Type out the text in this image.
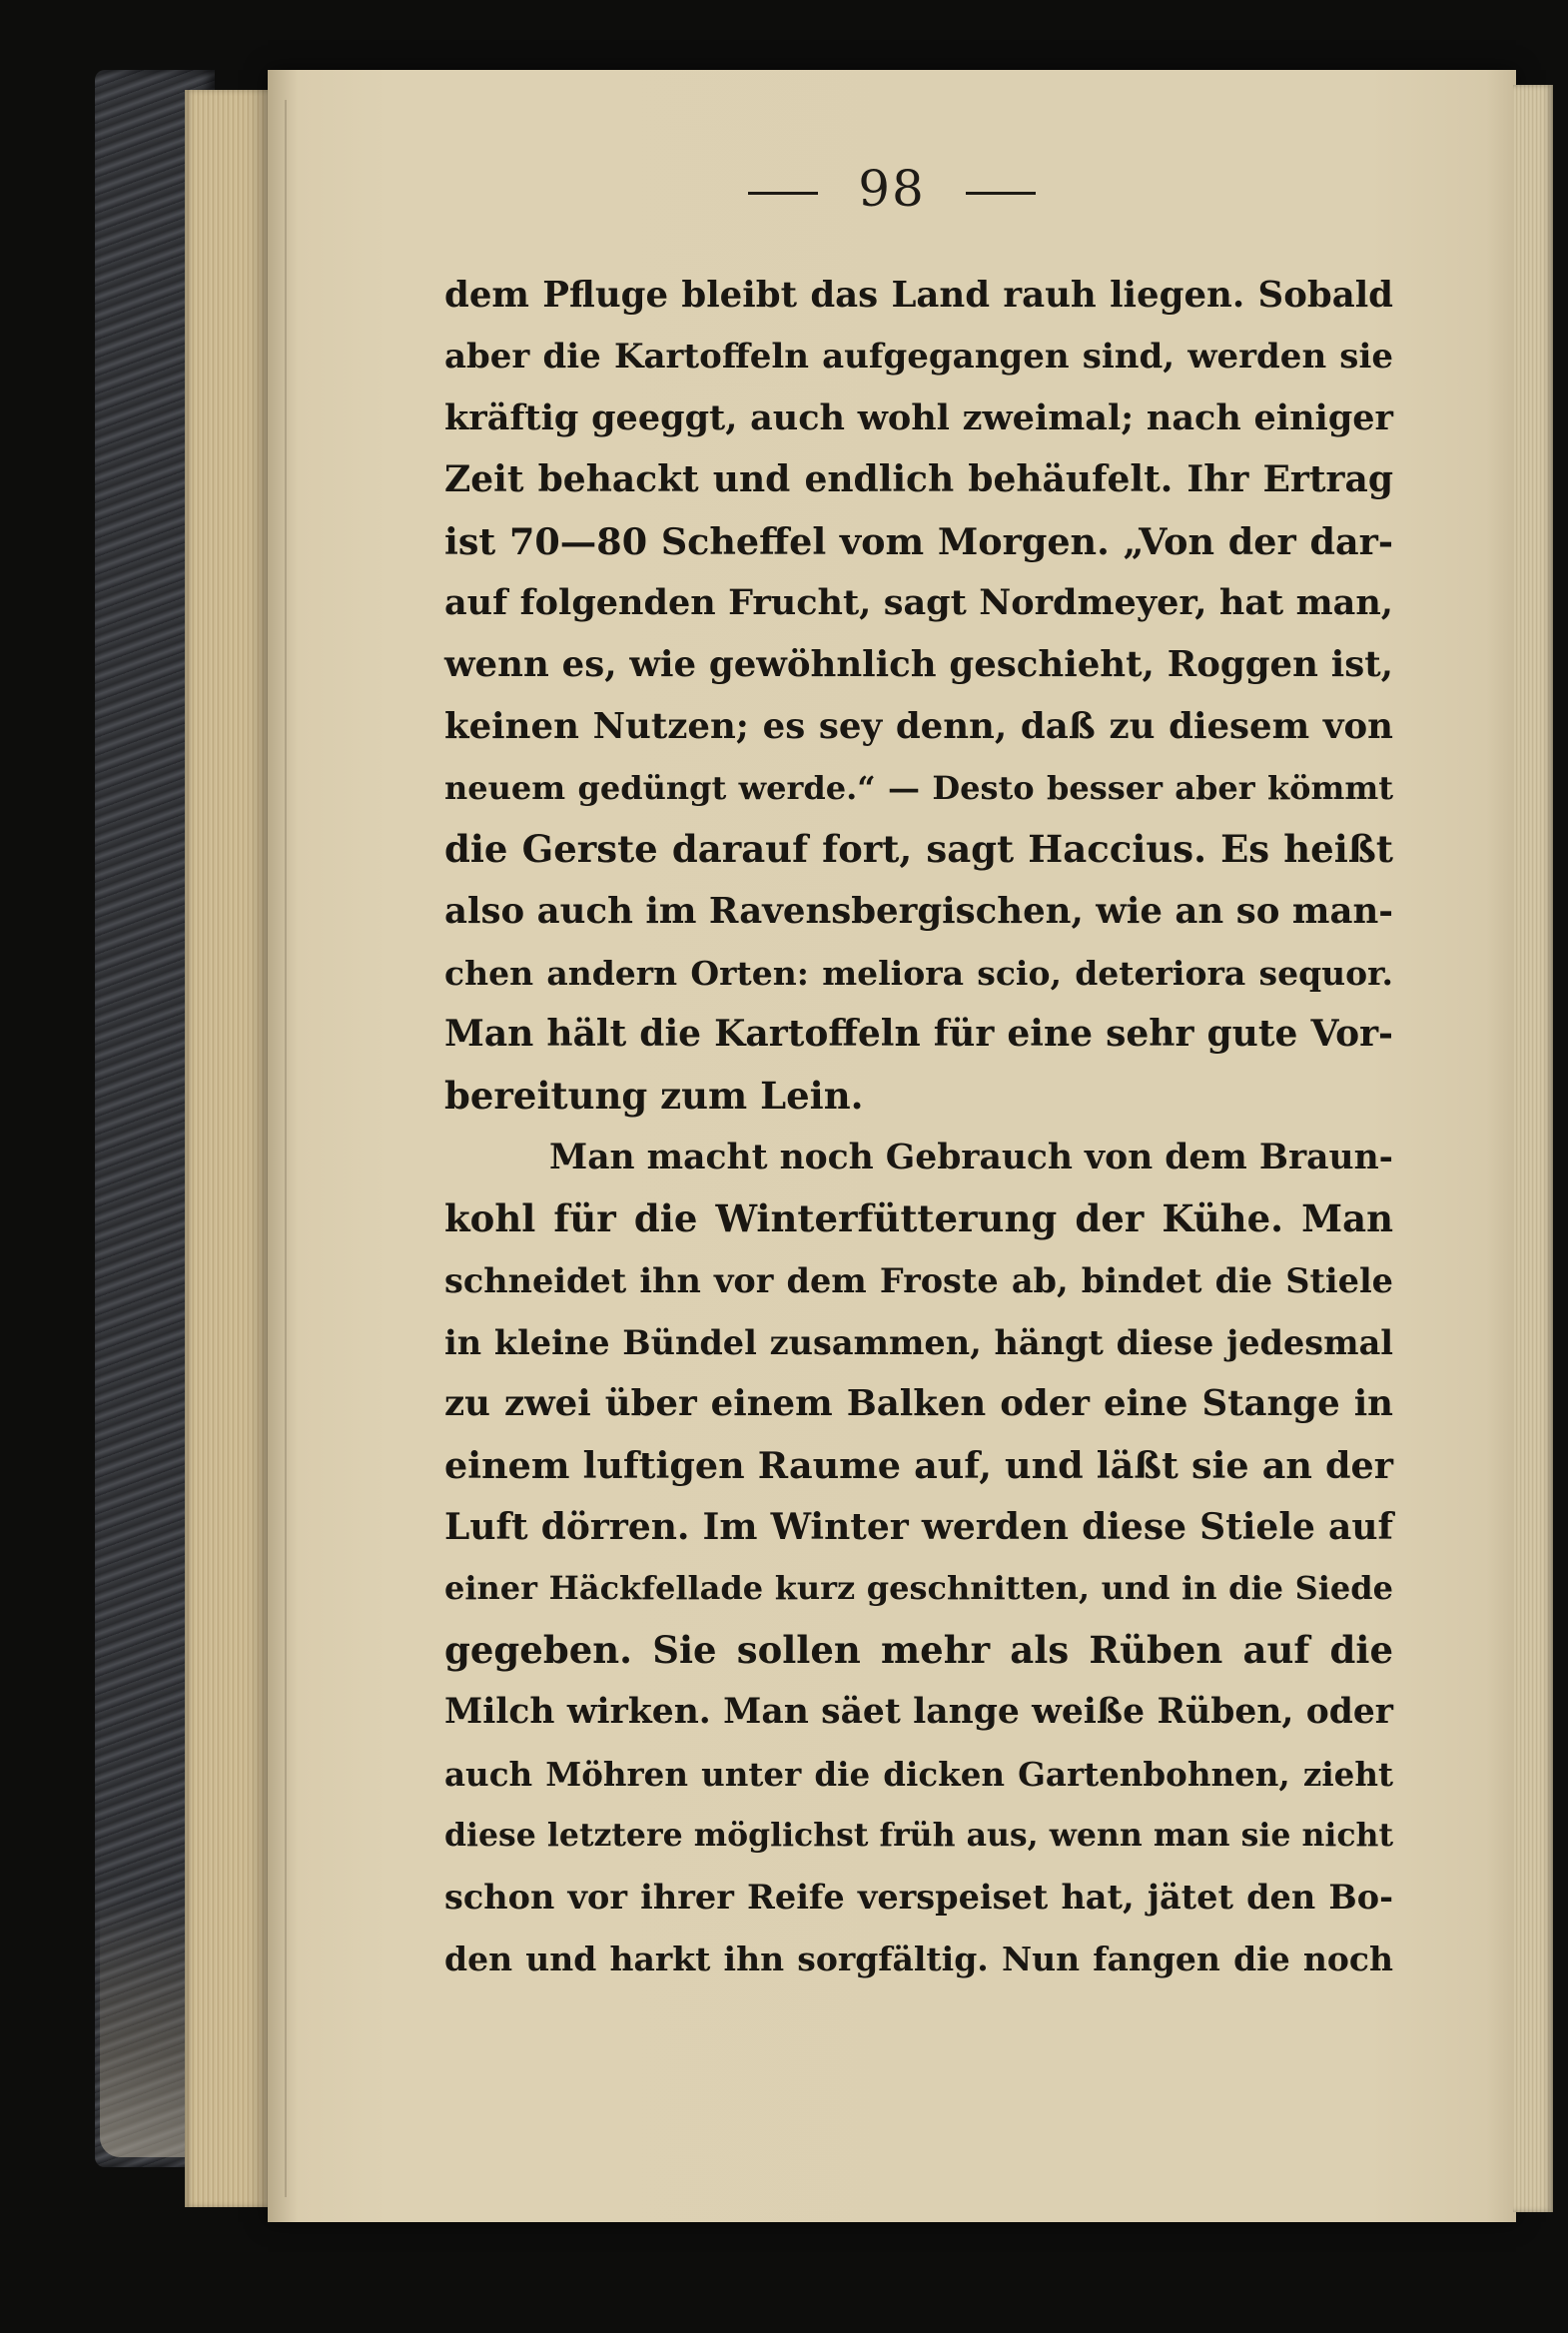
98
dem Pfluge bleibt das Land rauh liegen. Sobald
aber die Kartoffeln aufgegangen sind, werden sie
kräftig geeggt, auch wohl zweimal; nach einiger
Zeit behackt und endlich behäufelt. Ihr Ertrag
ist 70—80 Scheffel vom Morgen. „Von der dar-
auf folgenden Frucht, sagt Nordmeyer, hat man,
wenn es, wie gewöhnlich geschieht, Roggen ist,
keinen Nutzen; es sey denn, daß zu diesem von
neuem gedüngt werde.“ — Desto besser aber kömmt
die Gerste darauf fort, sagt Haccius. Es heißt
also auch im Ravensbergischen, wie an so man-
chen andern Orten: meliora scio, deteriora sequor.
Man hält die Kartoffeln für eine sehr gute Vor-
bereitung zum Lein.
Man macht noch Gebrauch von dem Braun-
kohl für die Winterfütterung der Kühe. Man
schneidet ihn vor dem Froste ab, bindet die Stiele
in kleine Bündel zusammen, hängt diese jedesmal
zu zwei über einem Balken oder eine Stange in
einem luftigen Raume auf, und läßt sie an der
Luft dörren. Im Winter werden diese Stiele auf
einer Häckfellade kurz geschnitten, und in die Siede
gegeben. Sie sollen mehr als Rüben auf die
Milch wirken. Man säet lange weiße Rüben, oder
auch Möhren unter die dicken Gartenbohnen, zieht
diese letztere möglichst früh aus, wenn man sie nicht
schon vor ihrer Reife verspeiset hat, jätet den Bo-
den und harkt ihn sorgfältig. Nun fangen die noch
